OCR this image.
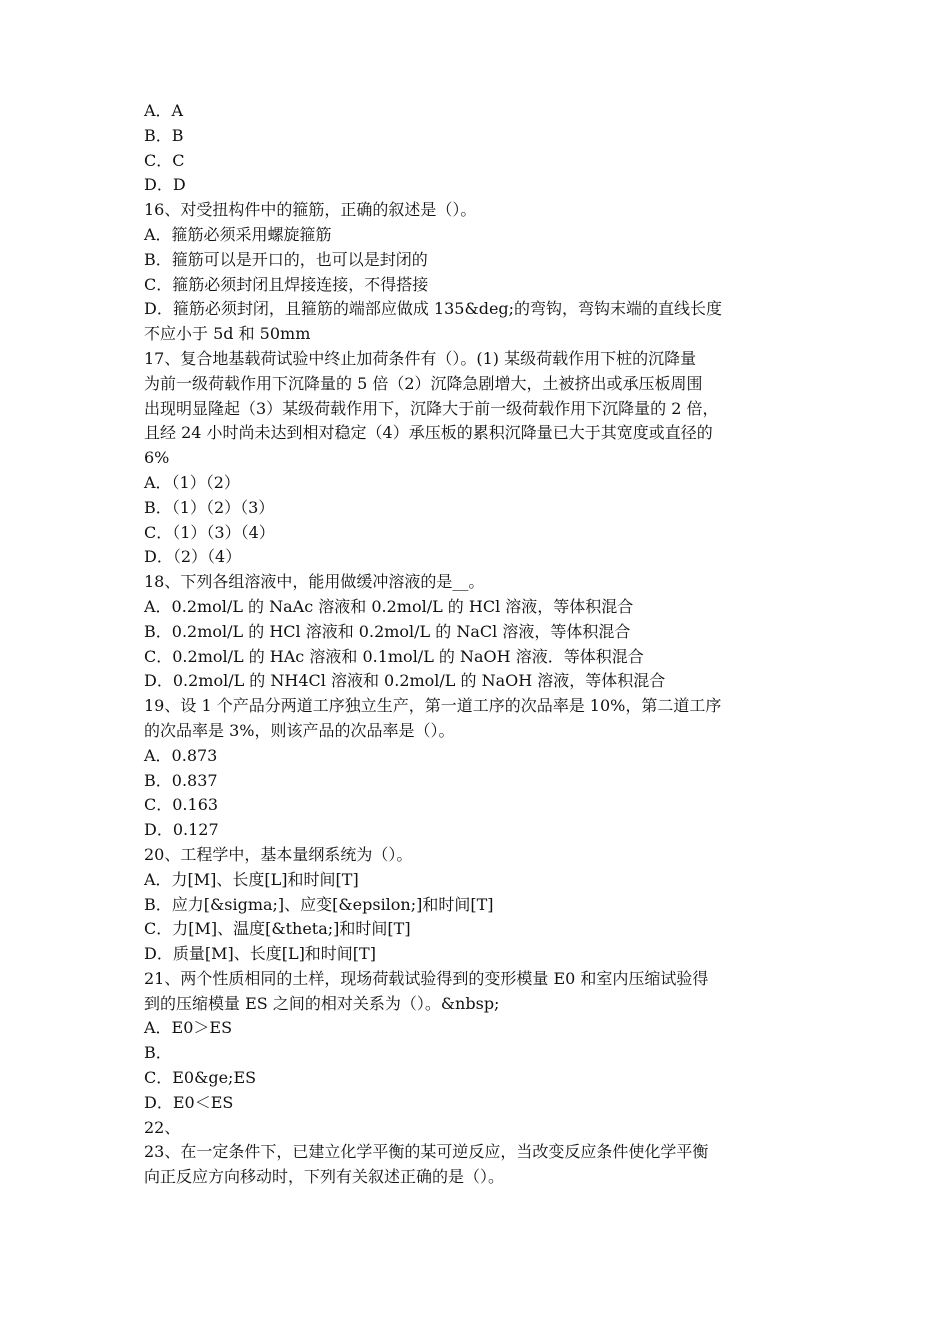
A．A
B．B
C．C
D．D
16、对受扭构件中的箍筋，正确的叙述是（）。
A．箍筋必须采用螺旋箍筋
B．箍筋可以是开口的，也可以是封闭的
C．箍筋必须封闭且焊接连接，不得搭接
D．箍筋必须封闭，且箍筋的端部应做成 135&deg;的弯钩，弯钩末端的直线长度
不应小于 5d 和 50mm
17、复合地基载荷试验中终止加荷条件有（）。(1) 某级荷载作用下桩的沉降量
为前一级荷载作用下沉降量的 5 倍（2）沉降急剧增大，土被挤出或承压板周围
出现明显隆起（3）某级荷载作用下，沉降大于前一级荷载作用下沉降量的 2 倍，
且经 24 小时尚未达到相对稳定（4）承压板的累积沉降量已大于其宽度或直径的
6%
A．（1）（2）
B．（1）（2）（3）
C．（1）（3）（4）
D．（2）（4）
18、下列各组溶液中，能用做缓冲溶液的是__。
A．0.2mol/L 的 NaAc 溶液和 0.2mol/L 的 HCl 溶液，等体积混合
B．0.2mol/L 的 HCl 溶液和 0.2mol/L 的 NaCl 溶液，等体积混合
C．0.2mol/L 的 HAc 溶液和 0.1mol/L 的 NaOH 溶液．等体积混合
D．0.2mol/L 的 NH4Cl 溶液和 0.2mol/L 的 NaOH 溶液，等体积混合
19、设 1 个产品分两道工序独立生产，第一道工序的次品率是 10%，第二道工序
的次品率是 3%，则该产品的次品率是（）。
A．0.873
B．0.837
C．0.163
D．0.127
20、工程学中，基本量纲系统为（）。
A．力[M]、长度[L]和时间[T]
B．应力[&sigma;]、应变[&epsilon;]和时间[T]
C．力[M]、温度[&theta;]和时间[T]
D．质量[M]、长度[L]和时间[T]
21、两个性质相同的土样，现场荷载试验得到的变形模量 E0 和室内压缩试验得
到的压缩模量 ES 之间的相对关系为（）。&nbsp;
A．E0＞ES
B．
C．E0&ge;ES
D．E0＜ES
22、
23、在一定条件下，已建立化学平衡的某可逆反应，当改变反应条件使化学平衡
向正反应方向移动时，下列有关叙述正确的是（）。
